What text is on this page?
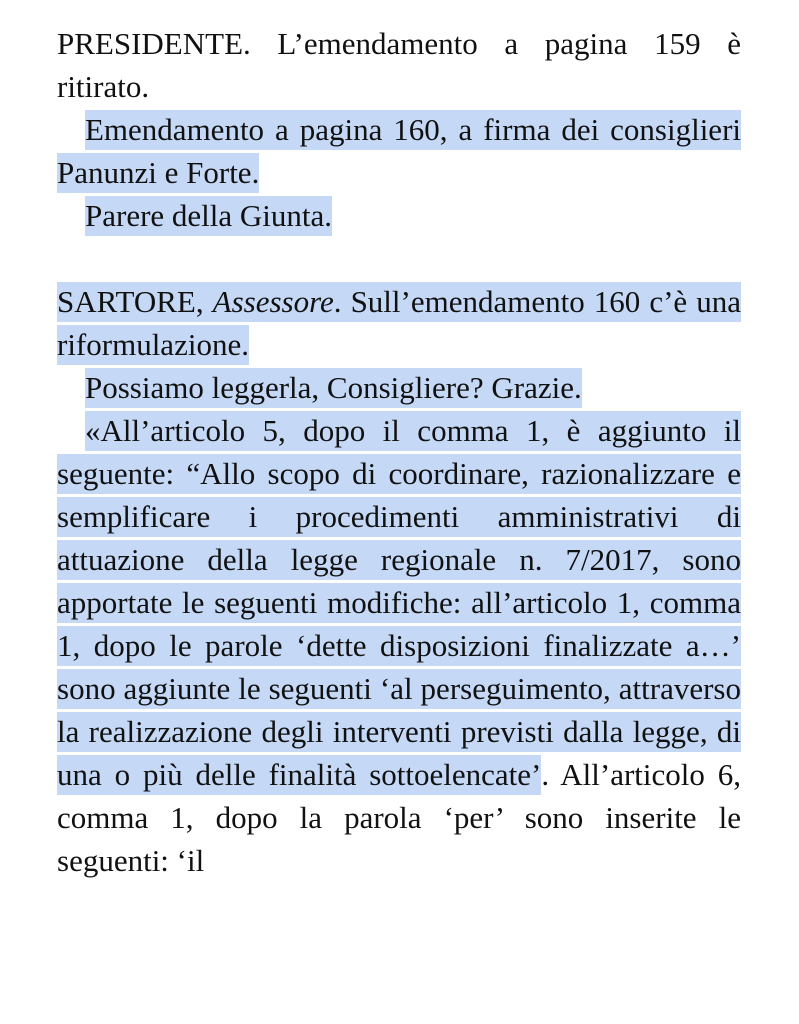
PRESIDENTE. L’emendamento a pagina 159 è ritirato.

Emendamento a pagina 160, a firma dei consiglieri Panunzi e Forte.

Parere della Giunta.

SARTORE, Assessore. Sull’emendamento 160 c’è una riformulazione.

Possiamo leggerla, Consigliere? Grazie.

«All’articolo 5, dopo il comma 1, è aggiunto il seguente: “Allo scopo di coordinare, razionalizzare e semplificare i procedimenti amministrativi di attuazione della legge regionale n. 7/2017, sono apportate le seguenti modifiche: all’articolo 1, comma 1, dopo le parole ‘dette disposizioni finalizzate a…’ sono aggiunte le seguenti ‘al perseguimento, attraverso la realizzazione degli interventi previsti dalla legge, di una o più delle finalità sottoelencate’. All’articolo 6, comma 1, dopo la parola ‘per’ sono inserite le seguenti: ‘il
